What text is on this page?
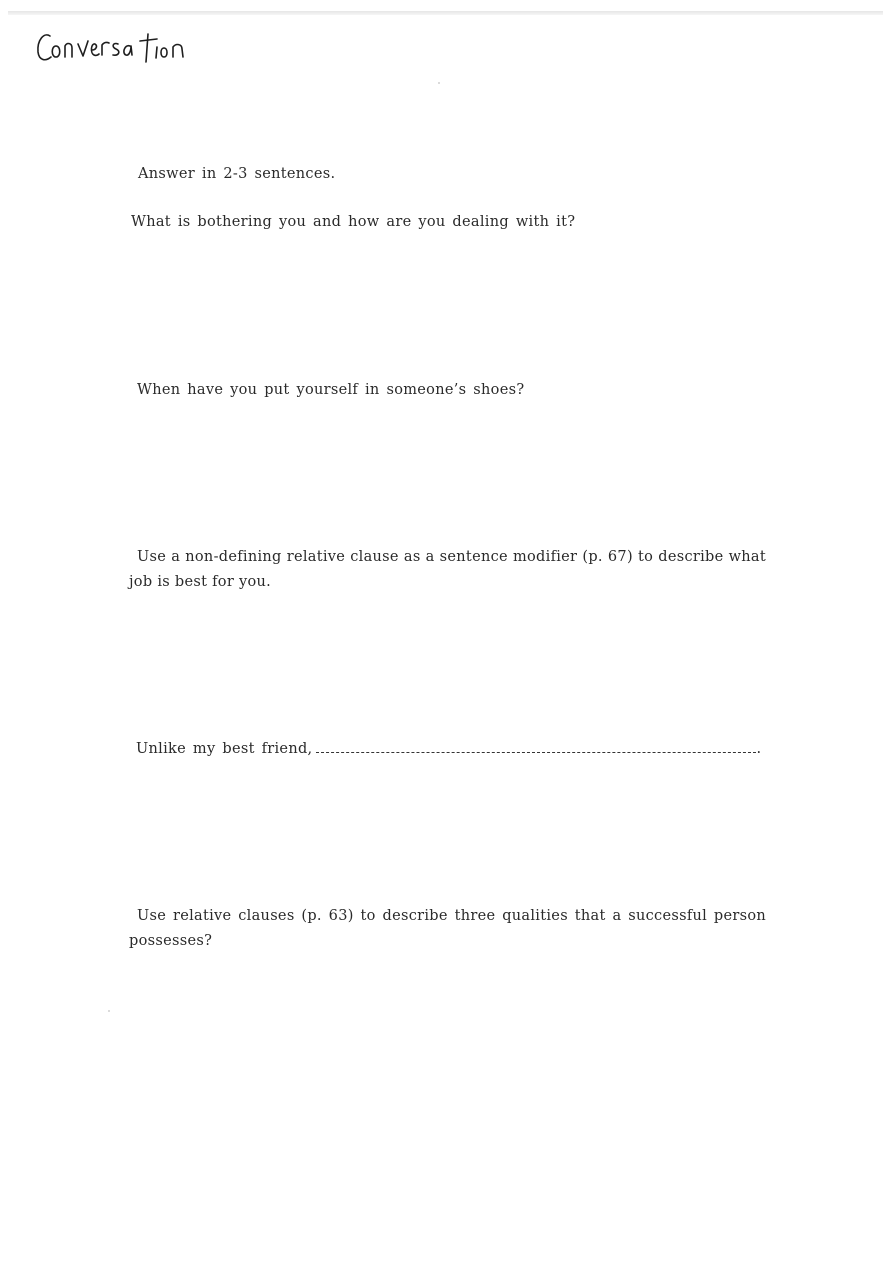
Answer in 2-3 sentences.

What is bothering you and how are you dealing with it?

When have you put yourself in someone’s shoes?

Use a non-defining relative clause as a sentence modifier (p. 67) to describe what job is best for you.

Unlike my best friend,	.

Use relative clauses (p. 63) to describe three qualities that a successful person possesses?
